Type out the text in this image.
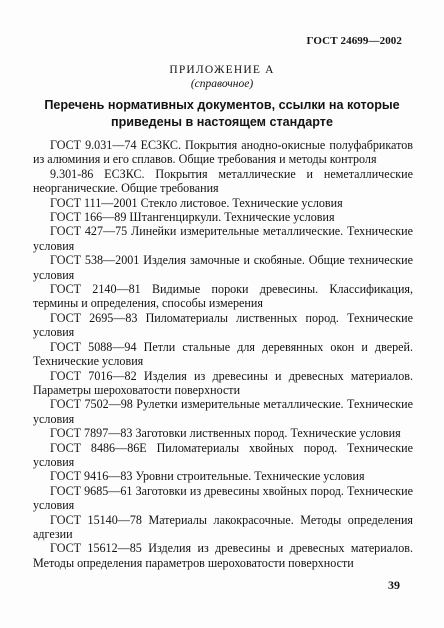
ГОСТ 24699—2002
ПРИЛОЖЕНИЕ А
(справочное)
Перечень нормативных документов, ссылки на которые
приведены в настоящем стандарте

ГОСТ 9.031—74 ЕСЗКС. Покрытия анодно-окисные полуфабрикатов из алюминия и его сплавов. Общие требования и методы контроля

9.301-86 ЕСЗКС. Покрытия металлические и неметаллические неорганические. Общие требования

ГОСТ 111—2001 Стекло листовое. Технические условия

ГОСТ 166—89 Штангенциркули. Технические условия

ГОСТ 427—75 Линейки измерительные металлические. Технические условия

ГОСТ 538—2001 Изделия замочные и скобяные. Общие технические условия

ГОСТ 2140—81 Видимые пороки древесины. Классификация, термины и определения, способы измерения

ГОСТ 2695—83 Пиломатериалы лиственных пород. Технические условия

ГОСТ 5088—94 Петли стальные для деревянных окон и дверей. Технические условия

ГОСТ 7016—82 Изделия из древесины и древесных материалов. Параметры шероховатости поверхности

ГОСТ 7502—98 Рулетки измерительные металлические. Технические условия

ГОСТ 7897—83 Заготовки лиственных пород. Технические условия

ГОСТ 8486—86Е Пиломатериалы хвойных пород. Технические условия

ГОСТ 9416—83 Уровни строительные. Технические условия

ГОСТ 9685—61 Заготовки из древесины хвойных пород. Технические условия

ГОСТ 15140—78 Материалы лакокрасочные. Методы определения адгезии

ГОСТ 15612—85 Изделия из древесины и древесных материалов. Методы определения параметров шероховатости поверхности

39
